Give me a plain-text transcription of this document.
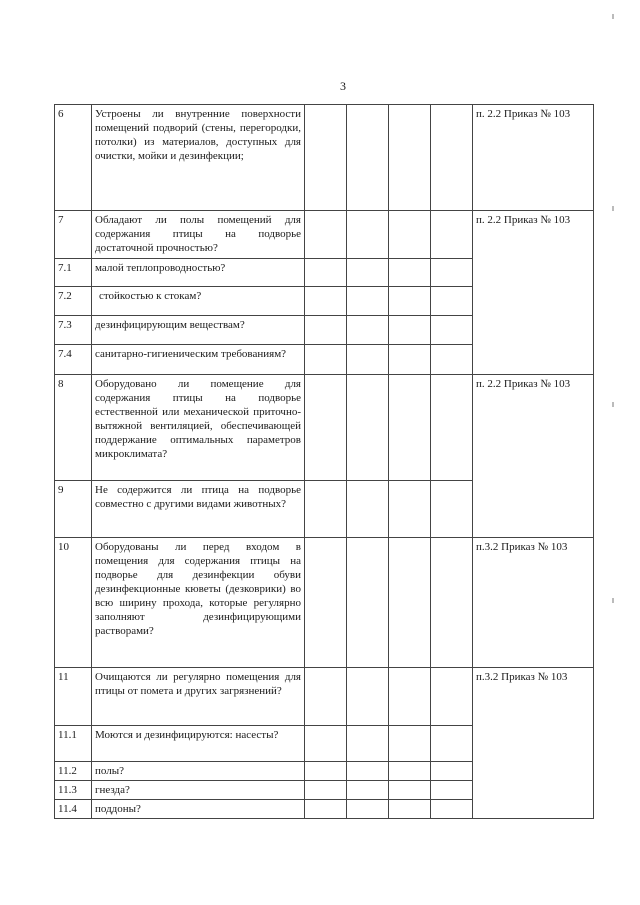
3
6	Устроены ли внутренние поверхности помещений подворий (стены, перегородки, потолки) из материалов, доступных для очистки, мойки и дезинфекции;					п. 2.2 Приказ № 103
7	Обладают ли полы помещений для содержания птицы на подворье достаточной прочностью?					п. 2.2 Приказ № 103
7.1	малой теплопроводностью?					
7.2	стойкостью к стокам?					

7.3	дезинфицирующим веществам?					
7.4	санитарно-гигиеническим требованиям?					
8	Оборудовано ли помещение для содержания птицы на подворье естественной или механической приточно-вытяжной вентиляцией, обеспечивающей поддержание оптимальных параметров микроклимата?					п. 2.2 Приказ № 103
9	Не содержится ли птица на подворье совместно с другими видами животных?					
10	Оборудованы ли перед входом в помещения для содержания птицы на подворье для дезинфекции обуви дезинфекционные кюветы (дезковрики) во всю ширину прохода, которые регулярно заполняют дезинфицирующими растворами?					п.3.2 Приказ № 103
11	Очищаются ли регулярно помещения для птицы от помета и других загрязнений?					п.3.2 Приказ № 103
11.1	Моются и дезинфицируются: насесты?					
11.2	полы?					
11.3	гнезда?					
11.4	поддоны?					
